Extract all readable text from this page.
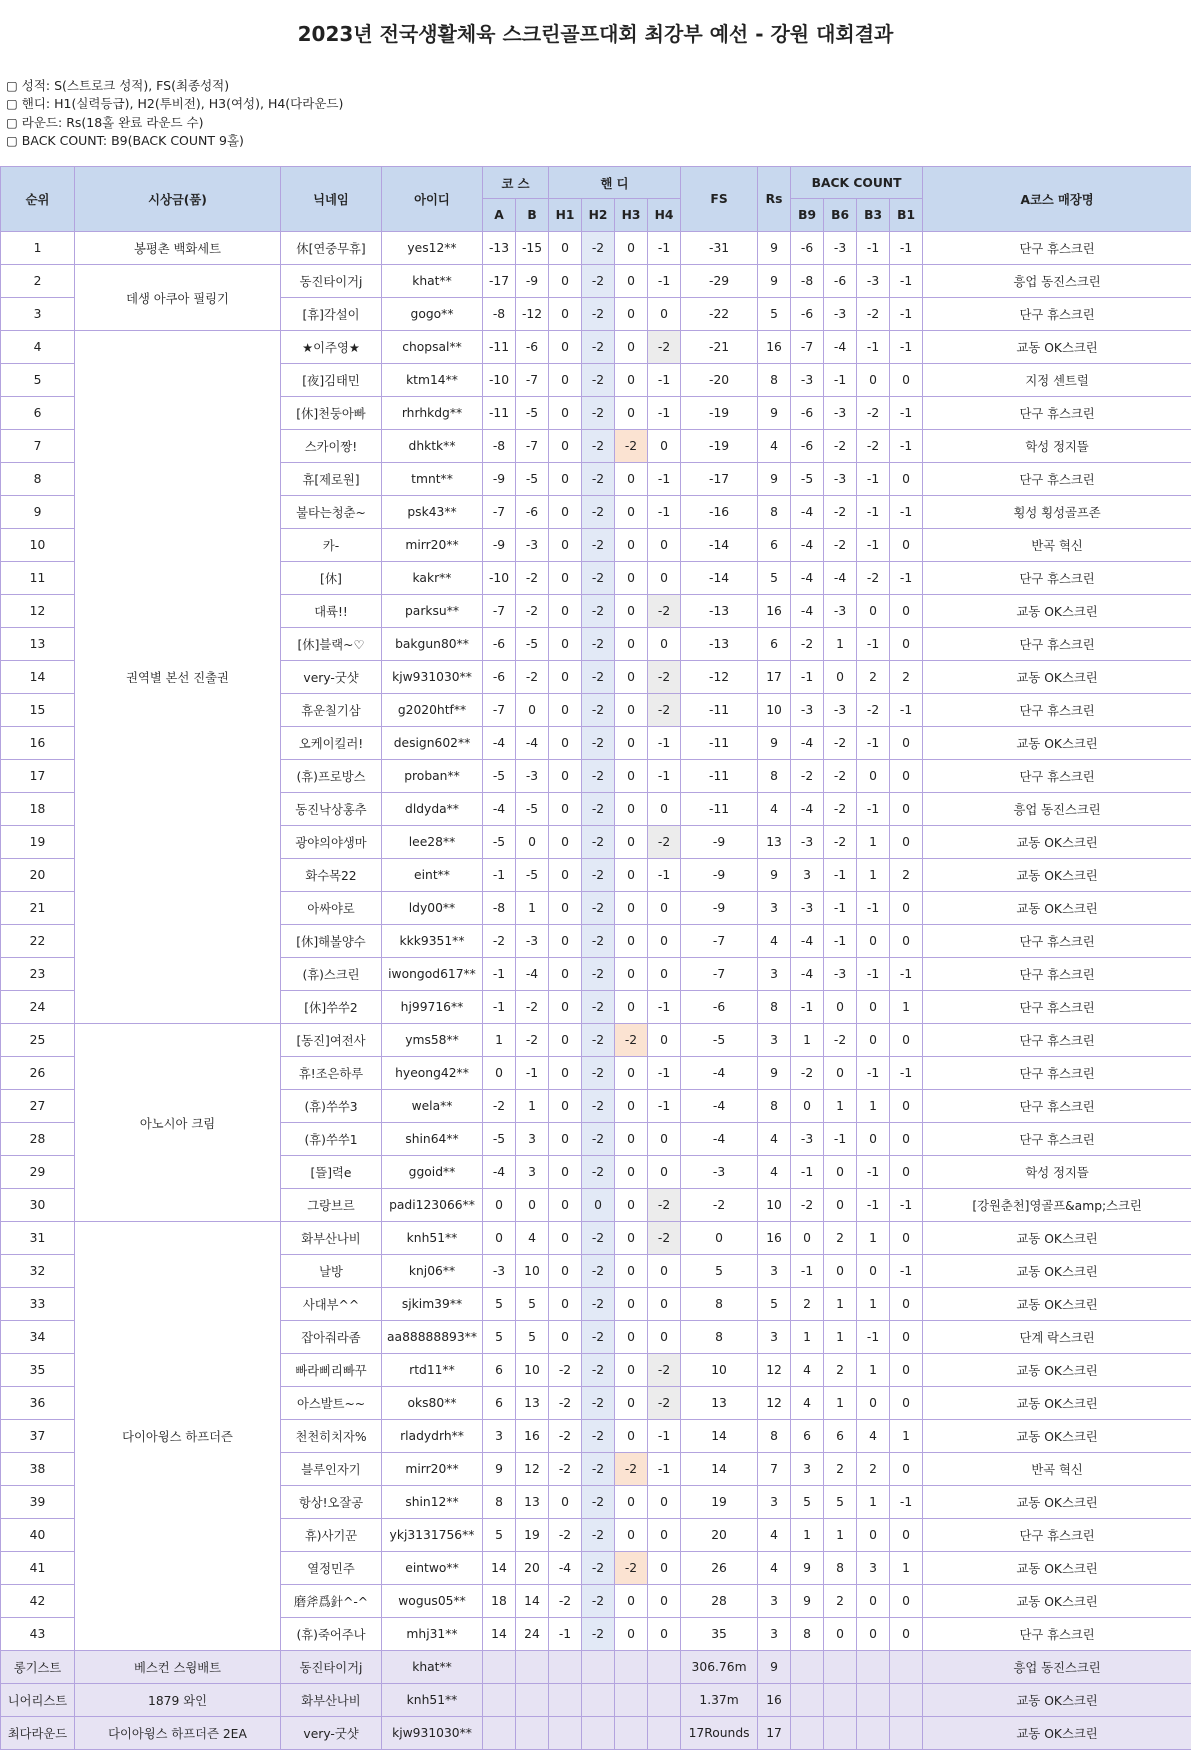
2023년 전국생활체육 스크린골프대회 최강부 예선 - 강원 대회결과
▢ 성적: S(스트로크 성적), FS(최종성적)
▢ 핸디: H1(실력등급), H2(투비전), H3(여성), H4(다라운드)
▢ 라운드: Rs(18홀 완료 라운드 수)
▢ BACK COUNT: B9(BACK COUNT 9홀)
순위	시상금(품)	닉네임	아이디	코 스		핸 디				FS	Rs	BACK COUNT				A코스 매장명
				A	B	H1	H2	H3	H4			B9	B6	B3	B1	
1	봉평촌 백화세트	休[연중무휴]	yes12**	-13	-15	0	-2	0	-1	-31	9	-6	-3	-1	-1	단구 휴스크린
2	데생 아쿠아 필링기	동진타이거j	khat**	-17	-9	0	-2	0	-1	-29	9	-8	-6	-3	-1	흥업 동진스크린
3		[휴]각설이	gogo**	-8	-12	0	-2	0	0	-22	5	-6	-3	-2	-1	단구 휴스크린
4	권역별 본선 진출권	★이주영★	chopsal**	-11	-6	0	-2	0	-2	-21	16	-7	-4	-1	-1	교동 OK스크린
5		[夜]김태민	ktm14**	-10	-7	0	-2	0	-1	-20	8	-3	-1	0	0	지정 센트럴
6		[休]천둥아빠	rhrhkdg**	-11	-5	0	-2	0	-1	-19	9	-6	-3	-2	-1	단구 휴스크린
7		스카이짱!	dhktk**	-8	-7	0	-2	-2	0	-19	4	-6	-2	-2	-1	학성 정지뜰
8		휴[제로원]	tmnt**	-9	-5	0	-2	0	-1	-17	9	-5	-3	-1	0	단구 휴스크린
9		불타는청춘~	psk43**	-7	-6	0	-2	0	-1	-16	8	-4	-2	-1	-1	횡성 횡성골프존
10		카-	mirr20**	-9	-3	0	-2	0	0	-14	6	-4	-2	-1	0	반곡 혁신
11		[休]	kakr**	-10	-2	0	-2	0	0	-14	5	-4	-4	-2	-1	단구 휴스크린
12		대륙!!	parksu**	-7	-2	0	-2	0	-2	-13	16	-4	-3	0	0	교동 OK스크린
13		[休]블랙~♡	bakgun80**	-6	-5	0	-2	0	0	-13	6	-2	1	-1	0	단구 휴스크린
14		very-굿샷	kjw931030**	-6	-2	0	-2	0	-2	-12	17	-1	0	2	2	교동 OK스크린
15		휴운칠기삼	g2020htf**	-7	0	0	-2	0	-2	-11	10	-3	-3	-2	-1	단구 휴스크린
16		오케이킬러!	design602**	-4	-4	0	-2	0	-1	-11	9	-4	-2	-1	0	교동 OK스크린
17		(휴)프로방스	proban**	-5	-3	0	-2	0	-1	-11	8	-2	-2	0	0	단구 휴스크린
18		동진낙상홍추	dldyda**	-4	-5	0	-2	0	0	-11	4	-4	-2	-1	0	흥업 동진스크린
19		광야의야생마	lee28**	-5	0	0	-2	0	-2	-9	13	-3	-2	1	0	교동 OK스크린
20		화수목22	eint**	-1	-5	0	-2	0	-1	-9	9	3	-1	1	2	교동 OK스크린
21		아싸야로	ldy00**	-8	1	0	-2	0	0	-9	3	-3	-1	-1	0	교동 OK스크린
22		[休]해볼양수	kkk9351**	-2	-3	0	-2	0	0	-7	4	-4	-1	0	0	단구 휴스크린
23		(휴)스크린	iwongod617**	-1	-4	0	-2	0	0	-7	3	-4	-3	-1	-1	단구 휴스크린
24		[休]쑤쑤2	hj99716**	-1	-2	0	-2	0	-1	-6	8	-1	0	0	1	단구 휴스크린
25	아노시아 크림	[동진]여전사	yms58**	1	-2	0	-2	-2	0	-5	3	1	-2	0	0	단구 휴스크린
26		휴!조은하루	hyeong42**	0	-1	0	-2	0	-1	-4	9	-2	0	-1	-1	단구 휴스크린
27		(휴)쑤쑤3	wela**	-2	1	0	-2	0	-1	-4	8	0	1	1	0	단구 휴스크린
28		(휴)쑤쑤1	shin64**	-5	3	0	-2	0	0	-4	4	-3	-1	0	0	단구 휴스크린
29		[뜰]력e	ggoid**	-4	3	0	-2	0	0	-3	4	-1	0	-1	0	학성 정지뜰
30		그랑브르	padi123066**	0	0	0	0	0	-2	-2	10	-2	0	-1	-1	[강원춘천]영골프&amp;스크린
31	다이아윙스 하프더즌	화부산나비	knh51**	0	4	0	-2	0	-2	0	16	0	2	1	0	교동 OK스크린
32		날방	knj06**	-3	10	0	-2	0	0	5	3	-1	0	0	-1	교동 OK스크린
33		사대부^^	sjkim39**	5	5	0	-2	0	0	8	5	2	1	1	0	교동 OK스크린
34		잡아줘라좀	aa88888893**	5	5	0	-2	0	0	8	3	1	1	-1	0	단계 락스크린
35		빠라삐리빠꾸	rtd11**	6	10	-2	-2	0	-2	10	12	4	2	1	0	교동 OK스크린
36		아스발트~~	oks80**	6	13	-2	-2	0	-2	13	12	4	1	0	0	교동 OK스크린
37		천천히치자%	rladydrh**	3	16	-2	-2	0	-1	14	8	6	6	4	1	교동 OK스크린
38		블루인자기	mirr20**	9	12	-2	-2	-2	-1	14	7	3	2	2	0	반곡 혁신
39		항상!오잘공	shin12**	8	13	0	-2	0	0	19	3	5	5	1	-1	교동 OK스크린
40		휴)사기꾼	ykj3131756**	5	19	-2	-2	0	0	20	4	1	1	0	0	단구 휴스크린
41		열정민주	eintwo**	14	20	-4	-2	-2	0	26	4	9	8	3	1	교동 OK스크린
42		磨斧爲針^-^	wogus05**	18	14	-2	-2	0	0	28	3	9	2	0	0	교동 OK스크린
43		(휴)죽어주나	mhj31**	14	24	-1	-2	0	0	35	3	8	0	0	0	단구 휴스크린
롱기스트	베스컨 스윙배트	동진타이거j	khat**							306.76m	9					흥업 동진스크린
니어리스트	1879 와인	화부산나비	knh51**							1.37m	16					교동 OK스크린
최다라운드	다이아윙스 하프더즌 2EA	very-굿샷	kjw931030**							17Rounds	17					교동 OK스크린
